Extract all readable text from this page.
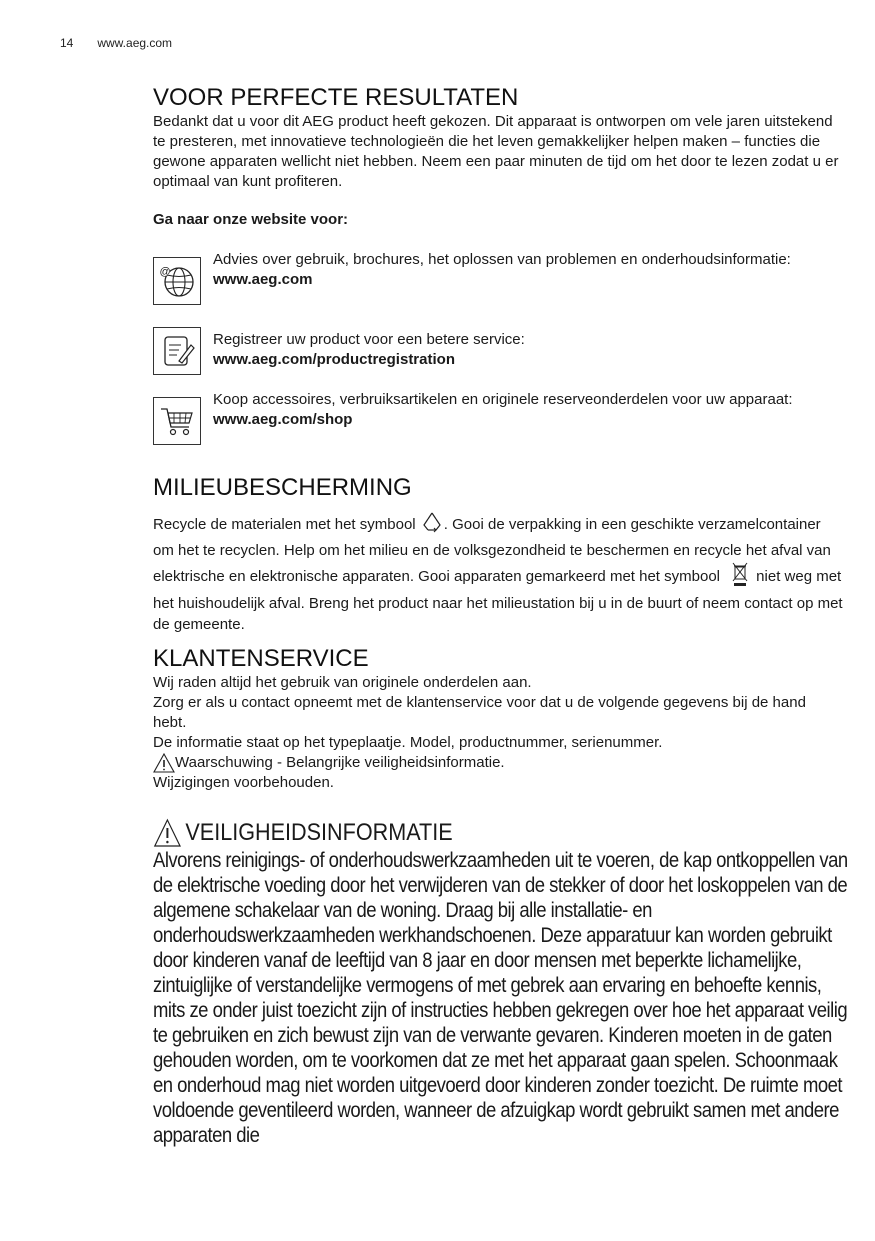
14 www.aeg.com
VOOR PERFECTE RESULTATEN

Bedankt dat u voor dit AEG product heeft gekozen. Dit apparaat is ontworpen om vele jaren uitstekend te presteren, met innovatieve technologieën die het leven gemakkelijker helpen maken – functies die gewone apparaten wellicht niet hebben. Neem een paar minuten de tijd om het door te lezen zodat u er optimaal van kunt profiteren.

Ga naar onze website voor:

@
Advies over gebruik, brochures, het oplossen van problemen en onderhoudsinformatie:
www.aeg.com
Registreer uw product voor een betere service:
www.aeg.com/productregistration
Koop accessoires, verbruiksartikelen en originele reserveonderdelen voor uw apparaat:
www.aeg.com/shop
MILIEUBESCHERMING

Recycle de materialen met het symbool . Gooi de verpakking in een geschikte verzamelcontainer om het te recyclen. Help om het milieu en de volksgezondheid te beschermen en recycle het afval van elektrische en elektronische apparaten. Gooi apparaten gemarkeerd met het symbool niet weg met het huishoudelijk afval. Breng het product naar het milieustation bij u in de buurt of neem contact op met de gemeente.

KLANTENSERVICE

Wij raden altijd het gebruik van originele onderdelen aan.

Zorg er als u contact opneemt met de klantenservice voor dat u de volgende gegevens bij de hand hebt.

De informatie staat op het typeplaatje. Model, productnummer, serienummer.

Waarschuwing - Belangrijke veiligheidsinformatie.

Wijzigingen voorbehouden.

VEILIGHEIDSINFORMATIE
Alvorens reinigings- of onderhoudswerkzaamheden uit te voeren, de kap ontkoppellen van de elektrische voeding door het verwijderen van de stekker of door het loskoppelen van de algemene schakelaar van de woning. Draag bij alle installatie- en onderhoudswerkzaamheden werkhandschoenen. Deze apparatuur kan worden gebruikt door kinderen vanaf de leeftijd van 8 jaar en door mensen met beperkte lichamelijke, zintuiglijke of verstandelijke vermogens of met gebrek aan ervaring en behoefte kennis, mits ze onder juist toezicht zijn of instructies hebben gekregen over hoe het apparaat veilig te gebruiken en zich bewust zijn van de verwante gevaren. Kinderen moeten in de gaten gehouden worden, om te voorkomen dat ze met het apparaat gaan spelen. Schoonmaak en onderhoud mag niet worden uitgevoerd door kinderen zonder toezicht. De ruimte moet voldoende geventileerd worden, wanneer de afzuigkap wordt gebruikt samen met andere apparaten die
